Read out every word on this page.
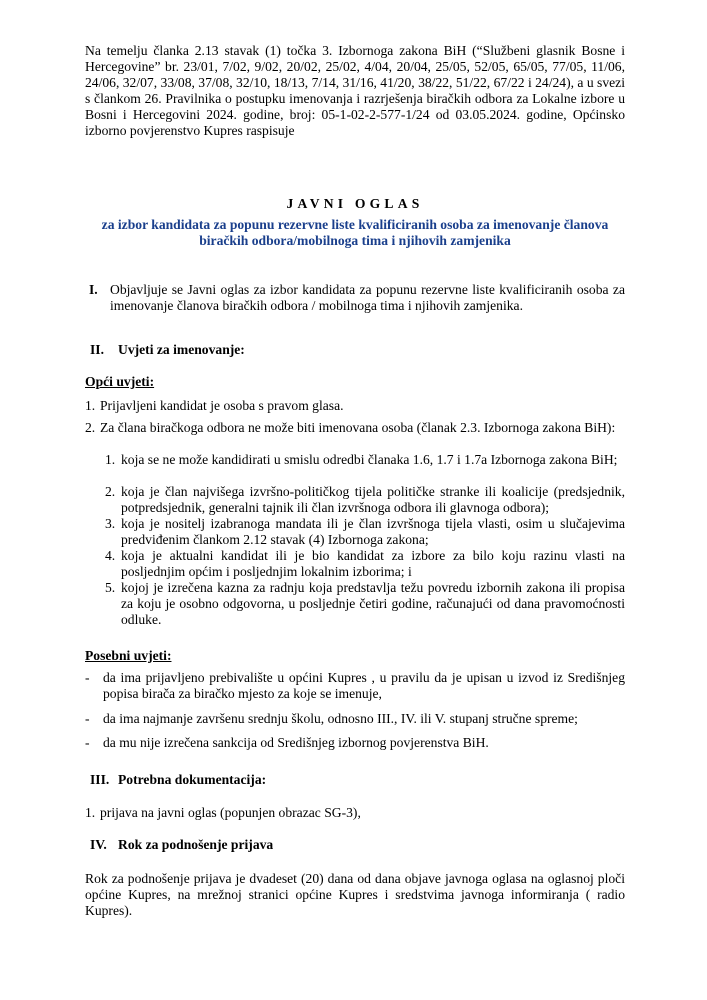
Na temelju članka 2.13 stavak (1) točka 3. Izbornoga zakona BiH (“Službeni glasnik Bosne i Hercegovine” br. 23/01, 7/02, 9/02, 20/02, 25/02, 4/04, 20/04, 25/05, 52/05, 65/05, 77/05, 11/06, 24/06, 32/07, 33/08, 37/08, 32/10, 18/13, 7/14, 31/16, 41/20, 38/22, 51/22, 67/22 i 24/24), a u svezi s člankom 26. Pravilnika o postupku imenovanja i razrješenja biračkih odbora za Lokalne izbore u Bosni i Hercegovini 2024. godine, broj: 05-1-02-2-577-1/24 od 03.05.2024. godine, Općinsko izborno povjerenstvo Kupres raspisuje
JAVNI OGLAS
za izbor kandidata za popunu rezervne liste kvalificiranih osoba za imenovanje članova
biračkih odbora/mobilnoga tima i njihovih zamjenika
I. Objavljuje se Javni oglas za izbor kandidata za popunu rezervne liste kvalificiranih osoba za imenovanje članova biračkih odbora / mobilnoga tima i njihovih zamjenika.
II. Uvjeti za imenovanje:
Opći uvjeti:
1. Prijavljeni kandidat je osoba s pravom glasa.
2. Za člana biračkoga odbora ne može biti imenovana osoba (članak 2.3. Izbornoga zakona BiH):
1. koja se ne može kandidirati u smislu odredbi članaka 1.6, 1.7 i 1.7a Izbornoga zakona BiH;
2. koja je član najvišega izvršno-političkog tijela političke stranke ili koalicije (predsjednik, potpredsjednik, generalni tajnik ili član izvršnoga odbora ili glavnoga odbora);
3. koja je nositelj izabranoga mandata ili je član izvršnoga tijela vlasti, osim u slučajevima predviđenim člankom 2.12 stavak (4) Izbornoga zakona;
4. koja je aktualni kandidat ili je bio kandidat za izbore za bilo koju razinu vlasti na posljednjim općim i posljednjim lokalnim izborima; i
5. kojoj je izrečena kazna za radnju koja predstavlja težu povredu izbornih zakona ili propisa za koju je osobno odgovorna, u posljednje četiri godine, računajući od dana pravomoćnosti odluke.
Posebni uvjeti:
- da ima prijavljeno prebivalište u općini Kupres , u pravilu da je upisan u izvod iz Središnjeg popisa birača za biračko mjesto za koje se imenuje,
- da ima najmanje završenu srednju školu, odnosno III., IV. ili V. stupanj stručne spreme;
- da mu nije izrečena sankcija od Središnjeg izbornog povjerenstva BiH.
III. Potrebna dokumentacija:
1. prijava na javni oglas (popunjen obrazac SG-3),
IV. Rok za podnošenje prijava
Rok za podnošenje prijava je dvadeset (20) dana od dana objave javnoga oglasa na oglasnoj ploči općine Kupres, na mrežnoj stranici općine Kupres i sredstvima javnoga informiranja ( radio Kupres).
